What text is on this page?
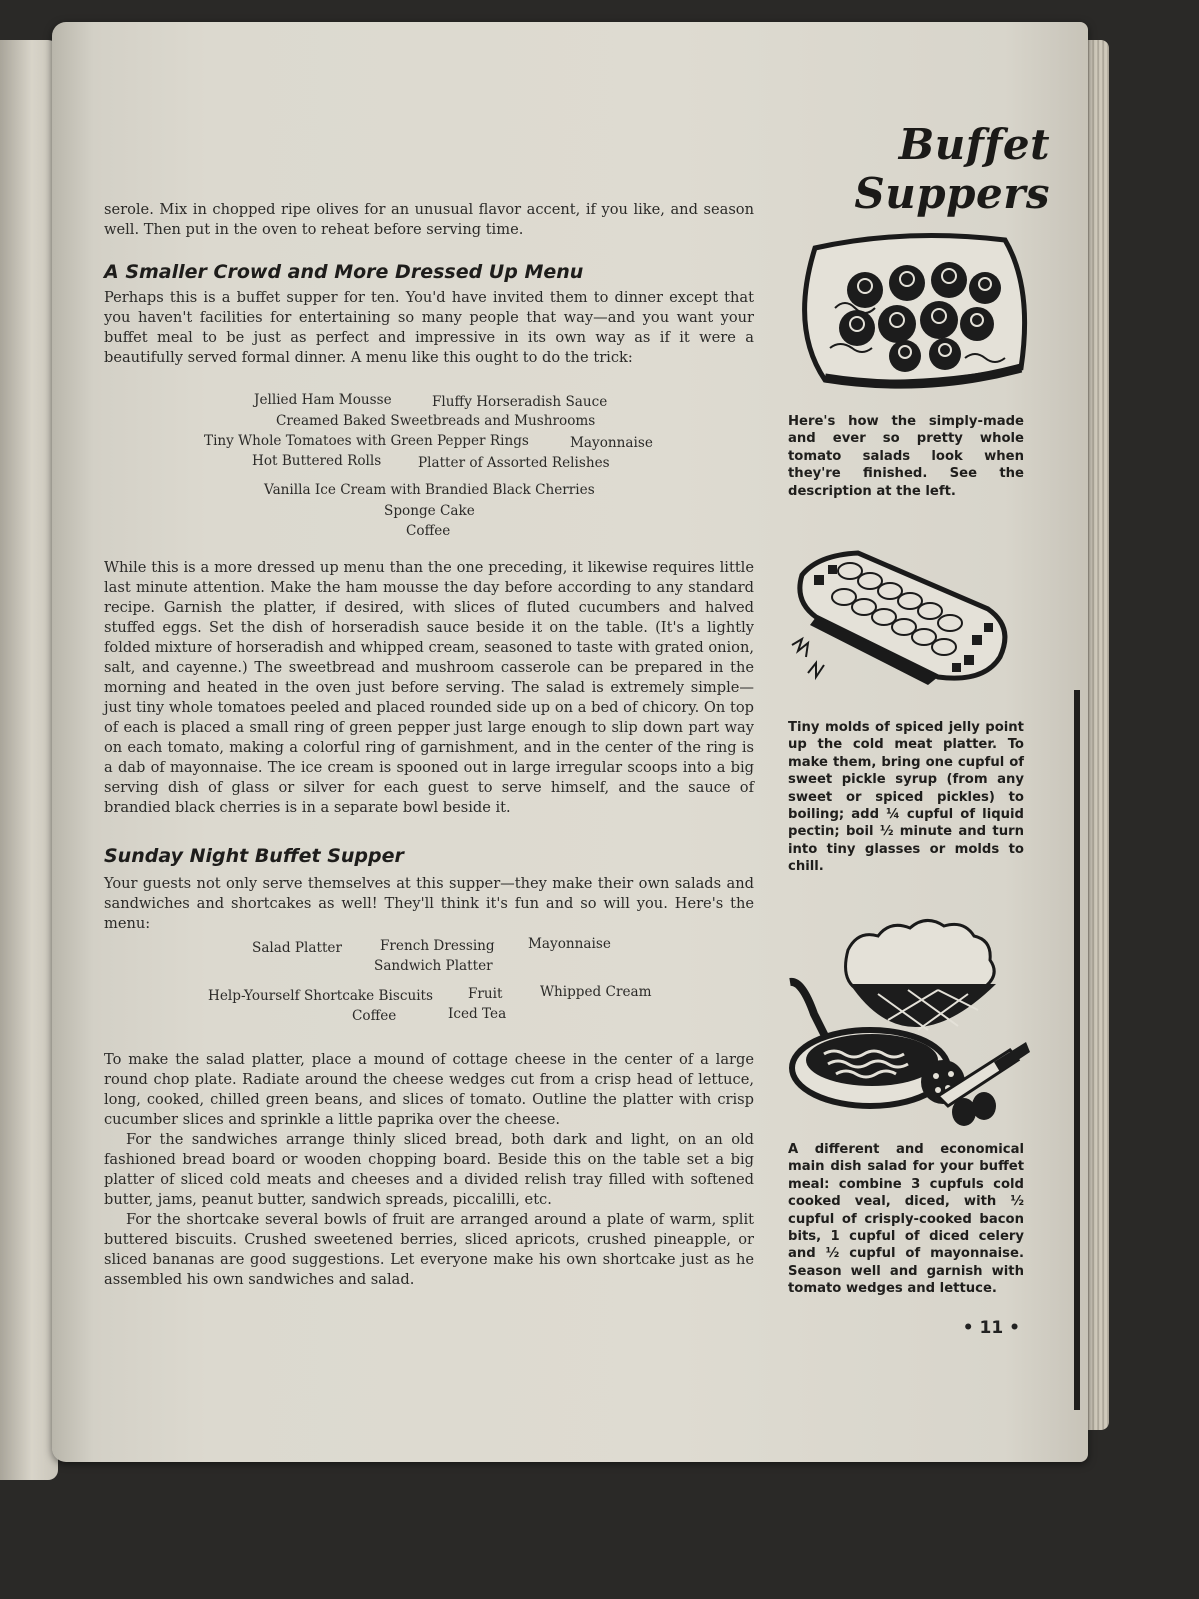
Buffet Suppers

serole. Mix in chopped ripe olives for an unusual flavor accent, if you like, and season well. Then put in the oven to reheat before serving time.

A Smaller Crowd and More Dressed Up Menu

Perhaps this is a buffet supper for ten. You'd have invited them to dinner except that you haven't facilities for entertaining so many people that way—and you want your buffet meal to be just as perfect and impressive in its own way as if it were a beautifully served formal dinner. A menu like this ought to do the trick:

Jellied Ham Mousse	Fluffy Horseradish Sauce
Creamed Baked Sweetbreads and Mushrooms
Tiny Whole Tomatoes with Green Pepper Rings	Mayonnaise
Hot Buttered Rolls	Platter of Assorted Relishes
Vanilla Ice Cream with Brandied Black Cherries
Sponge Cake
Coffee

While this is a more dressed up menu than the one preceding, it likewise requires little last minute attention. Make the ham mousse the day before according to any standard recipe. Garnish the platter, if desired, with slices of fluted cucumbers and halved stuffed eggs. Set the dish of horseradish sauce beside it on the table. (It's a lightly folded mixture of horseradish and whipped cream, seasoned to taste with grated onion, salt, and cayenne.) The sweetbread and mushroom casserole can be prepared in the morning and heated in the oven just before serving. The salad is extremely simple—just tiny whole tomatoes peeled and placed rounded side up on a bed of chicory. On top of each is placed a small ring of green pepper just large enough to slip down part way on each tomato, making a colorful ring of garnishment, and in the center of the ring is a dab of mayonnaise. The ice cream is spooned out in large irregular scoops into a big serving dish of glass or silver for each guest to serve himself, and the sauce of brandied black cherries is in a separate bowl beside it.

Sunday Night Buffet Supper

Your guests not only serve themselves at this supper—they make their own salads and sandwiches and shortcakes as well! They'll think it's fun and so will you. Here's the menu:

Salad Platter	French Dressing Mayonnaise
Sandwich Platter
Help-Yourself Shortcake Biscuits	Fruit	Whipped Cream
Coffee	Iced Tea

To make the salad platter, place a mound of cottage cheese in the center of a large round chop plate. Radiate around the cheese wedges cut from a crisp head of lettuce, long, cooked, chilled green beans, and slices of tomato. Outline the platter with crisp cucumber slices and sprinkle a little paprika over the cheese.

For the sandwiches arrange thinly sliced bread, both dark and light, on an old fashioned bread board or wooden chopping board. Beside this on the table set a big platter of sliced cold meats and cheeses and a divided relish tray filled with softened butter, jams, peanut butter, sandwich spreads, piccalilli, etc.

For the shortcake several bowls of fruit are arranged around a plate of warm, split buttered biscuits. Crushed sweetened berries, sliced apricots, crushed pineapple, or sliced bananas are good suggestions. Let everyone make his own shortcake just as he assembled his own sandwiches and salad.

Here's how the simply-made and ever so pretty whole tomato salads look when they're finished. See the description at the left.

Tiny molds of spiced jelly point up the cold meat platter. To make them, bring one cupful of sweet pickle syrup (from any sweet or spiced pickles) to boiling; add ¼ cupful of liquid pectin; boil ½ minute and turn into tiny glasses or molds to chill.

A different and economical main dish salad for your buffet meal: combine 3 cupfuls cold cooked veal, diced, with ½ cupful of crisply-cooked bacon bits, 1 cupful of diced celery and ½ cupful of mayonnaise. Season well and garnish with tomato wedges and lettuce.

• 11 •
